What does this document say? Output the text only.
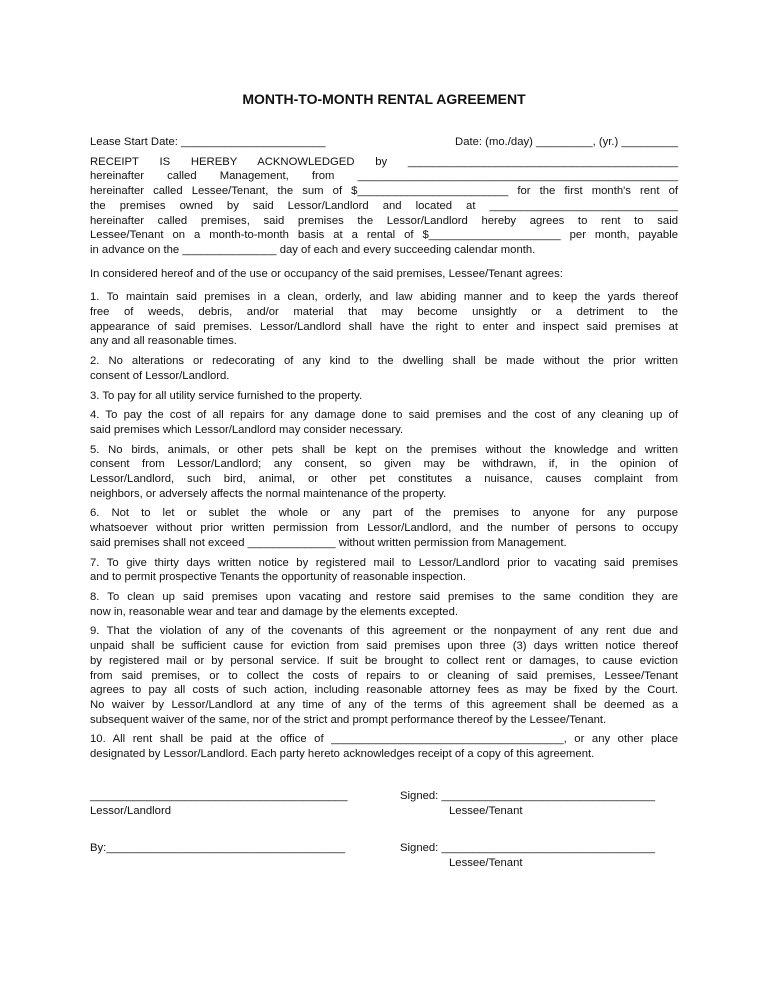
MONTH-TO-MONTH RENTAL AGREEMENT
Lease Start Date: _______________________	Date: (mo./day) _________, (yr.) _________
RECEIPT IS HEREBY ACKNOWLEDGED by ___________________________________________
hereinafter called Management, from ___________________________________________________
hereinafter called Lessee/Tenant, the sum of $________________________ for the first month's rent of
the premises owned by said Lessor/Landlord and located at ______________________________
hereinafter called premises, said premises the Lessor/Landlord hereby agrees to rent to said
Lessee/Tenant on a month-to-month basis at a rental of $_____________________ per month, payable
in advance on the _______________ day of each and every succeeding calendar month.
In considered hereof and of the use or occupancy of the said premises, Lessee/Tenant agrees:
1. To maintain said premises in a clean, orderly, and law abiding manner and to keep the yards thereof
free of weeds, debris, and/or material that may become unsightly or a detriment to the
appearance of said premises. Lessor/Landlord shall have the right to enter and inspect said premises at
any and all reasonable times.
2. No alterations or redecorating of any kind to the dwelling shall be made without the prior written
consent of Lessor/Landlord.
3. To pay for all utility service furnished to the property.
4. To pay the cost of all repairs for any damage done to said premises and the cost of any cleaning up of
said premises which Lessor/Landlord may consider necessary.
5. No birds, animals, or other pets shall be kept on the premises without the knowledge and written
consent from Lessor/Landlord; any consent, so given may be withdrawn, if, in the opinion of
Lessor/Landlord, such bird, animal, or other pet constitutes a nuisance, causes complaint from
neighbors, or adversely affects the normal maintenance of the property.
6. Not to let or sublet the whole or any part of the premises to anyone for any purpose
whatsoever without prior written permission from Lessor/Landlord, and the number of persons to occupy
said premises shall not exceed ______________ without written permission from Management.
7. To give thirty days written notice by registered mail to Lessor/Landlord prior to vacating said premises
and to permit prospective Tenants the opportunity of reasonable inspection.
8. To clean up said premises upon vacating and restore said premises to the same condition they are
now in, reasonable wear and tear and damage by the elements excepted.
9. That the violation of any of the covenants of this agreement or the nonpayment of any rent due and
unpaid shall be sufficient cause for eviction from said premises upon three (3) days written notice thereof
by registered mail or by personal service. If suit be brought to collect rent or damages, to cause eviction
from said premises, or to collect the costs of repairs to or cleaning of said premises, Lessee/Tenant
agrees to pay all costs of such action, including reasonable attorney fees as may be fixed by the Court.
No waiver by Lessor/Landlord at any time of any of the terms of this agreement shall be deemed as a
subsequent waiver of the same, nor of the strict and prompt performance thereof by the Lessee/Tenant.
10. All rent shall be paid at the office of _____________________________________, or any other place
designated by Lessor/Landlord. Each party hereto acknowledges receipt of a copy of this agreement.
_________________________________________
Lessor/Landlord
Signed: __________________________________
Lessee/Tenant
By:______________________________________	Signed: __________________________________
Lessee/Tenant
